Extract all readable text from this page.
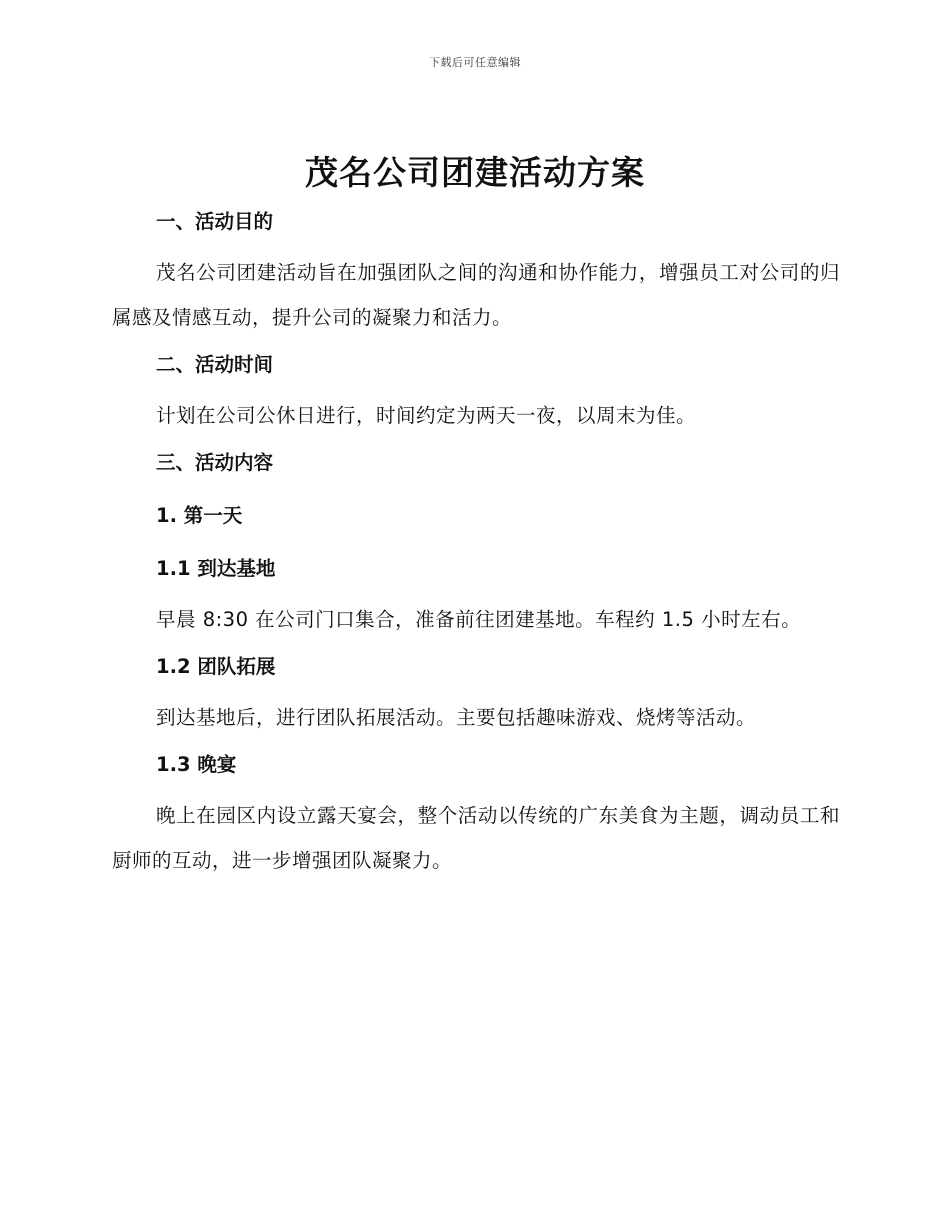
下载后可任意编辑
茂名公司团建活动方案

一、活动目的

茂名公司团建活动旨在加强团队之间的沟通和协作能力，增强员工对公司的归属感及情感互动，提升公司的凝聚力和活力。

二、活动时间

计划在公司公休日进行，时间约定为两天一夜，以周末为佳。

三、活动内容

1. 第一天

1.1 到达基地

早晨 8:30 在公司门口集合，准备前往团建基地。车程约 1.5 小时左右。

1.2 团队拓展

到达基地后，进行团队拓展活动。主要包括趣味游戏、烧烤等活动。

1.3 晚宴

晚上在园区内设立露天宴会，整个活动以传统的广东美食为主题，调动员工和厨师的互动，进一步增强团队凝聚力。
